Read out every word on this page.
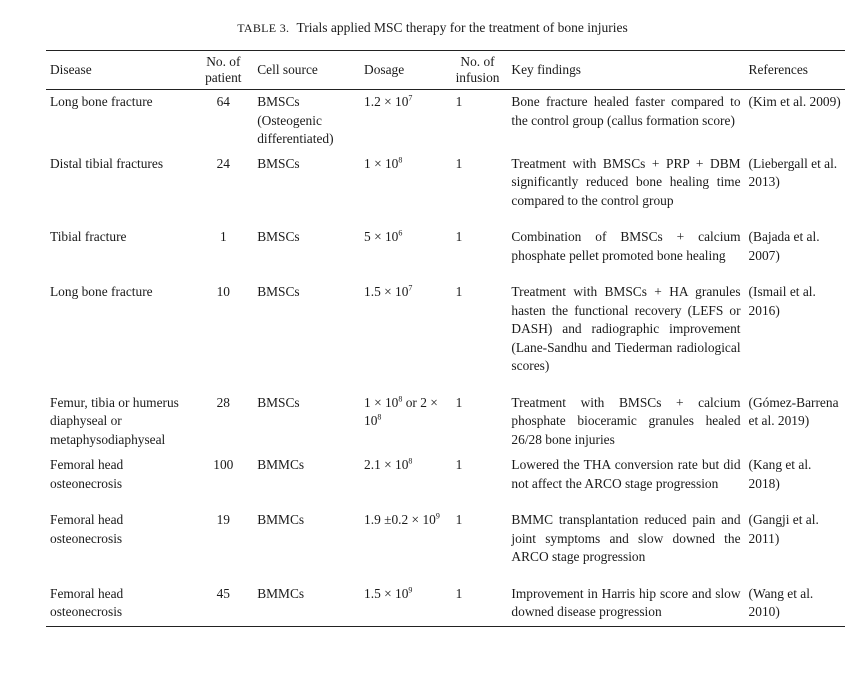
TABLE 3. Trials applied MSC therapy for the treatment of bone injuries
Disease	No. of patient	Cell source	Dosage	No. of infusion	Key findings	References
Long bone fracture	64	BMSCs (Osteogenic differentiated)	$1.2 \times 10^7$	1	Bone fracture healed faster compared to the control group (callus formation score)	(Kim et al. 2009)
Distal tibial fractures	24	BMSCs	$1 \times 10^8$	1	Treatment with BMSCs + PRP + DBM significantly reduced bone healing time compared to the control group	(Liebergall et al. 2013)
Tibial fracture	1	BMSCs	$5 \times 10^6$	1	Combination of BMSCs + calcium phosphate pellet promoted bone healing	(Bajada et al. 2007)
Long bone fracture	10	BMSCs	$1.5 \times 10^7$	1	Treatment with BMSCs + HA granules hasten the functional recovery (LEFS or DASH) and radiographic improvement (Lane-Sandhu and Tiederman radiological scores)	(Ismail et al. 2016)
Femur, tibia or humerus diaphyseal or metaphysodiaphyseal	28	BMSCs	$1 \times 10^8$ or $2 \times 10^8$	1	Treatment with BMSCs + calcium phosphate bioceramic granules healed 26/28 bone injuries	(Gómez-Barrena et al. 2019)
Femoral head osteonecrosis	100	BMMCs	$2.1 \times 10^8$	1	Lowered the THA conversion rate but did not affect the ARCO stage progression	(Kang et al. 2018)
Femoral head osteonecrosis	19	BMMCs	$1.9 \pm 0.2 \times 10^9$	1	BMMC transplantation reduced pain and joint symptoms and slow downed the ARCO stage progression	(Gangji et al. 2011)
Femoral head osteonecrosis	45	BMMCs	$1.5 \times 10^9$	1	Improvement in Harris hip score and slow downed disease progression	(Wang et al. 2010)
